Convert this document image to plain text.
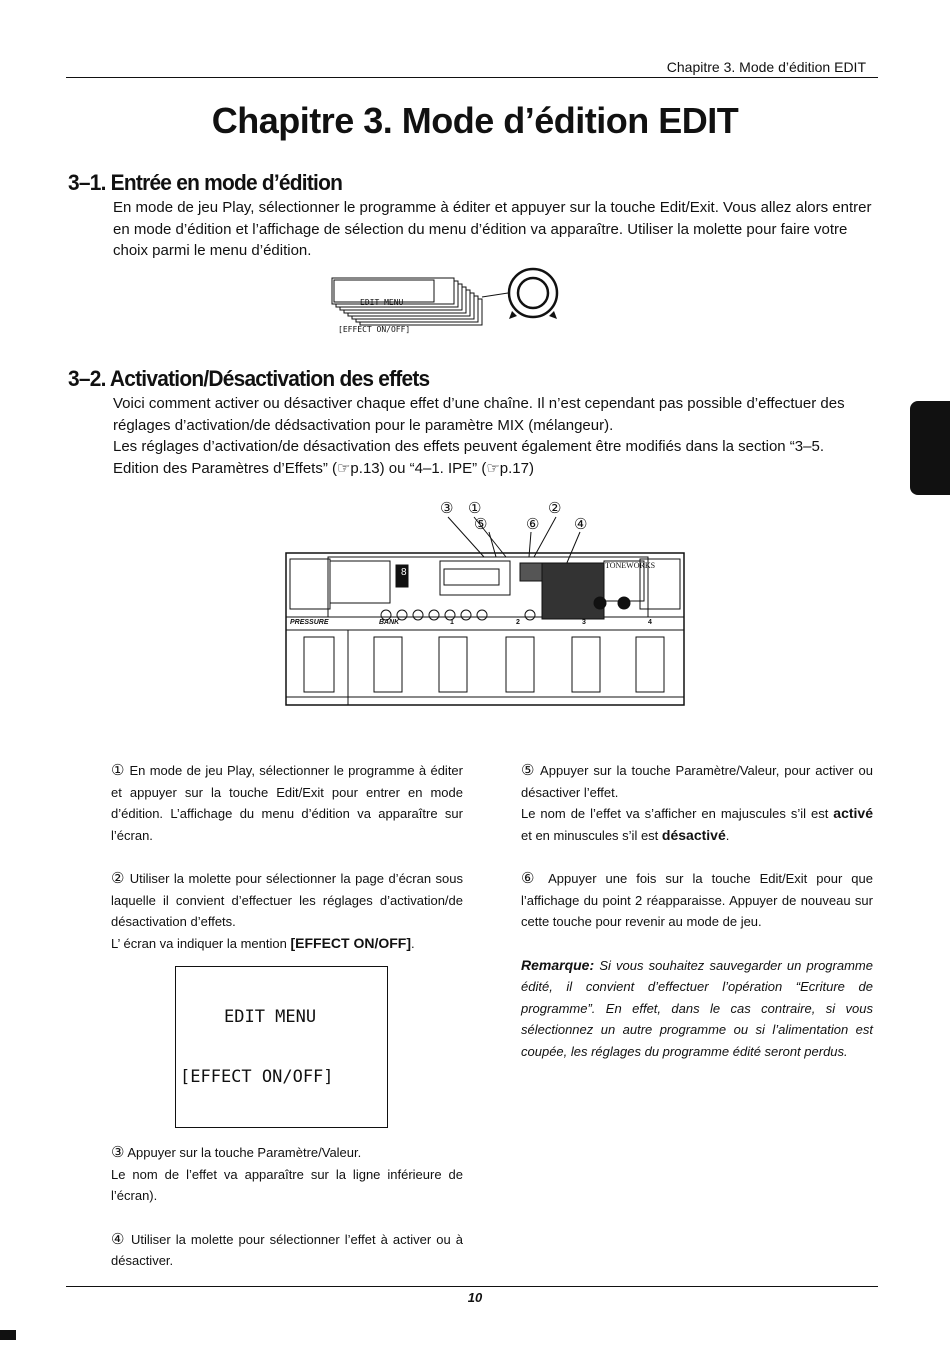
Chapitre 3. Mode d’édition EDIT
Chapitre 3. Mode d’édition EDIT
3–1. Entrée en mode d’édition
En mode de jeu Play, sélectionner le programme à éditer et appuyer sur la touche Edit/Exit. Vous allez alors entrer en mode d’édition et l’affichage de sélection du menu d’édition va apparaître. Utiliser la molette pour faire votre choix parmi le menu d’édition.

EDIT MENU

[EFFECT ON/OFF]

3–2. Activation/Désactivation des effets
Voici comment activer ou désactiver chaque effet d’une chaîne. Il n’est cependant pas possible d’effectuer des réglages d’activation/de dédsactivation pour le paramètre MIX (mélangeur).
Les réglages d’activation/de désactivation des effets peuvent également être modifiés dans la section “3–5. Edition des Paramètres d’Effets” (☞p.13) ou “4–1. IPE” (☞p.17)
③ ①	②
⑤	⑥ ④
8
TONEWORKS
PRESSURE	BANK	1	2	3	4

① En mode de jeu Play, sélectionner le programme à éditer et appuyer sur la touche Edit/Exit pour entrer en mode d’édition. L’affichage du menu d’édition va apparaître sur l’écran.

② Utiliser la molette pour sélectionner la page d’écran sous laquelle il convient d’effectuer les réglages d’activation/de désactivation d’effets.

L’ écran va indiquer la mention [EFFECT ON/OFF].

EDIT MENU

[EFFECT ON/OFF]

③ Appuyer sur la touche Paramètre/Valeur.

Le nom de l’effet va apparaître sur la ligne inférieure de l’écran).

④ Utiliser la molette pour sélectionner l’effet à activer ou à désactiver.

⑤ Appuyer sur la touche Paramètre/Valeur, pour activer ou désactiver l’effet.

Le nom de l’effet va s’afficher en majuscules s’il est activé et en minuscules s’il est désactivé.

⑥ Appuyer une fois sur la touche Edit/Exit pour que l’affichage du point 2 réapparaisse. Appuyer de nouveau sur cette touche pour revenir au mode de jeu.

Remarque: Si vous souhaitez sauvegarder un programme édité, il convient d’effectuer l’opération “Ecriture de programme”. En effet, dans le cas contraire, si vous sélectionnez un autre programme ou si l’alimentation est coupée, les réglages du programme édité seront perdus.

10
